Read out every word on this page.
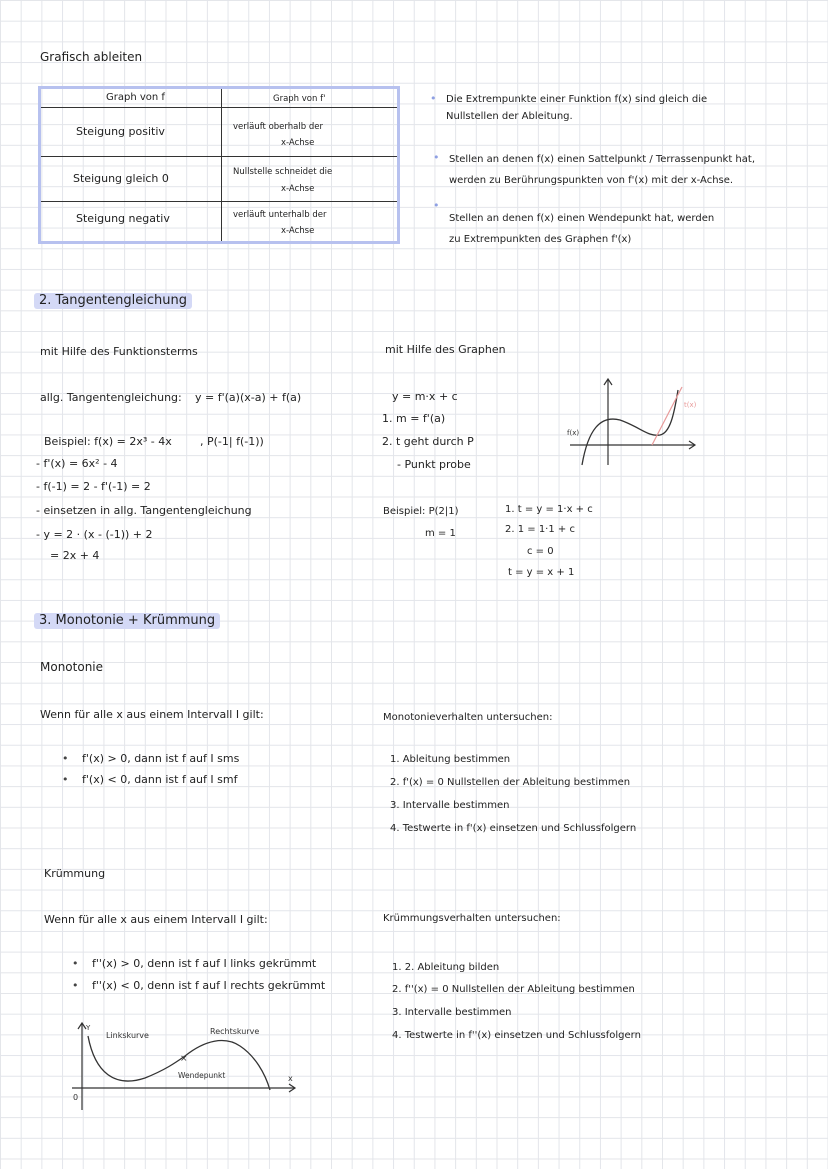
Grafisch ableiten
Graph von f	Graph von f'
Steigung positiv	verläuft oberhalb der
x-Achse
Steigung gleich 0	Nullstelle schneidet die
x-Achse
Steigung negativ	verläuft unterhalb der
x-Achse
• Die Extrempunkte einer Funktion f(x) sind gleich die
Nullstellen der Ableitung.
• Stellen an denen f(x) einen Sattelpunkt / Terrassenpunkt hat,
werden zu Berührungspunkten von f'(x) mit der x-Achse.
•
Stellen an denen f(x) einen Wendepunkt hat, werden
zu Extrempunkten des Graphen f'(x)
2. Tangentengleichung
mit Hilfe des Funktionsterms
allg. Tangentengleichung: y = f'(a)(x-a) + f(a)
Beispiel: f(x) = 2x³ - 4x	, P(-1| f(-1))
- f'(x) = 6x² - 4
- f(-1) = 2 - f'(-1) = 2
- einsetzen in allg. Tangentengleichung
- y = 2 · (x - (-1)) + 2
= 2x + 4
mit Hilfe des Graphen
y = m·x + c
1. m = f'(a)
2. t geht durch P
- Punkt probe
Beispiel: P(2|1)
m = 1
1. t = y = 1·x + c
2. 1 = 1·1 + c
c = 0
t = y = x + 1
f(x)
t(x)
3. Monotonie + Krümmung
Monotonie
Wenn für alle x aus einem Intervall I gilt:
• f'(x) > 0, dann ist f auf I sms
• f'(x) < 0, dann ist f auf I smf
Monotonieverhalten untersuchen:
1. Ableitung bestimmen
2. f'(x) = 0 Nullstellen der Ableitung bestimmen
3. Intervalle bestimmen
4. Testwerte in f'(x) einsetzen und Schlussfolgern
Krümmung
Wenn für alle x aus einem Intervall I gilt:
• f''(x) > 0, denn ist f auf I links gekrümmt
• f''(x) < 0, denn ist f auf I rechts gekrümmt
Krümmungsverhalten untersuchen:
1. 2. Ableitung bilden
2. f''(x) = 0 Nullstellen der Ableitung bestimmen
3. Intervalle bestimmen
4. Testwerte in f''(x) einsetzen und Schlussfolgern
×
Linkskurve	Rechtskurve
Wendepunkt
Y
x
0
